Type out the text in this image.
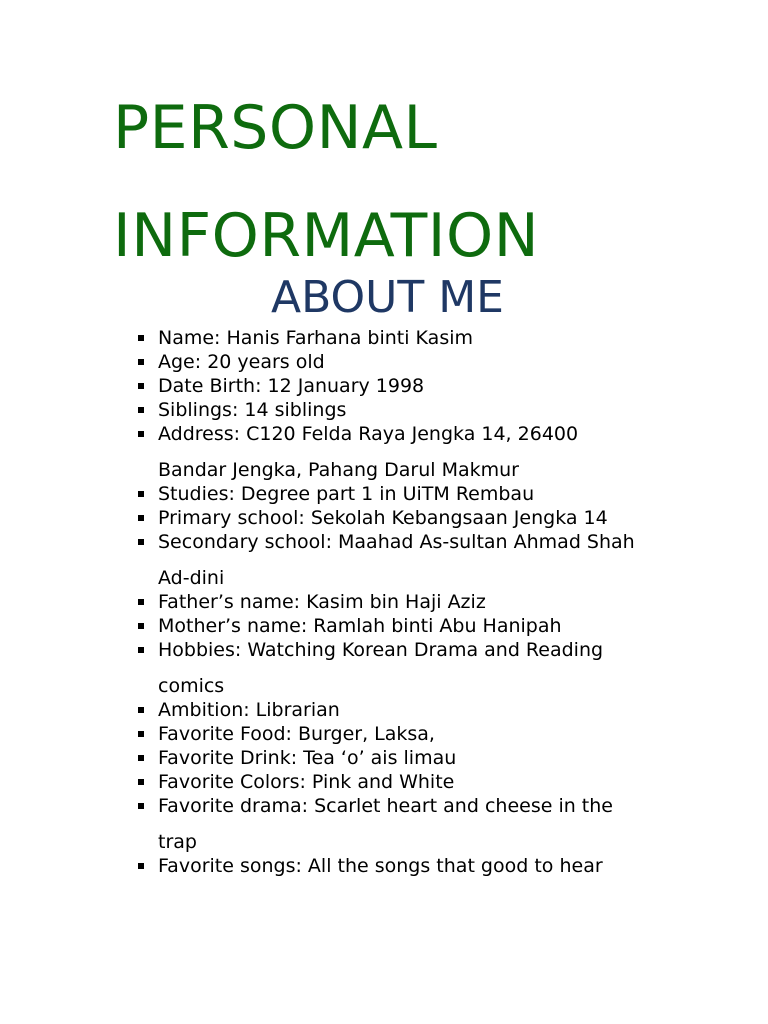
PERSONAL
INFORMATION
ABOUT ME
Name: Hanis Farhana binti Kasim
Age: 20 years old
Date Birth: 12 January 1998
Siblings: 14 siblings
Address: C120 Felda Raya Jengka 14, 26400
Bandar Jengka, Pahang Darul Makmur
Studies: Degree part 1 in UiTM Rembau
Primary school: Sekolah Kebangsaan Jengka 14
Secondary school: Maahad As-sultan Ahmad Shah
Ad-dini
Father’s name: Kasim bin Haji Aziz
Mother’s name: Ramlah binti Abu Hanipah
Hobbies: Watching Korean Drama and Reading
comics
Ambition: Librarian
Favorite Food: Burger, Laksa,
Favorite Drink: Tea ‘o’ ais limau
Favorite Colors: Pink and White
Favorite drama: Scarlet heart and cheese in the
trap
Favorite songs: All the songs that good to hear
